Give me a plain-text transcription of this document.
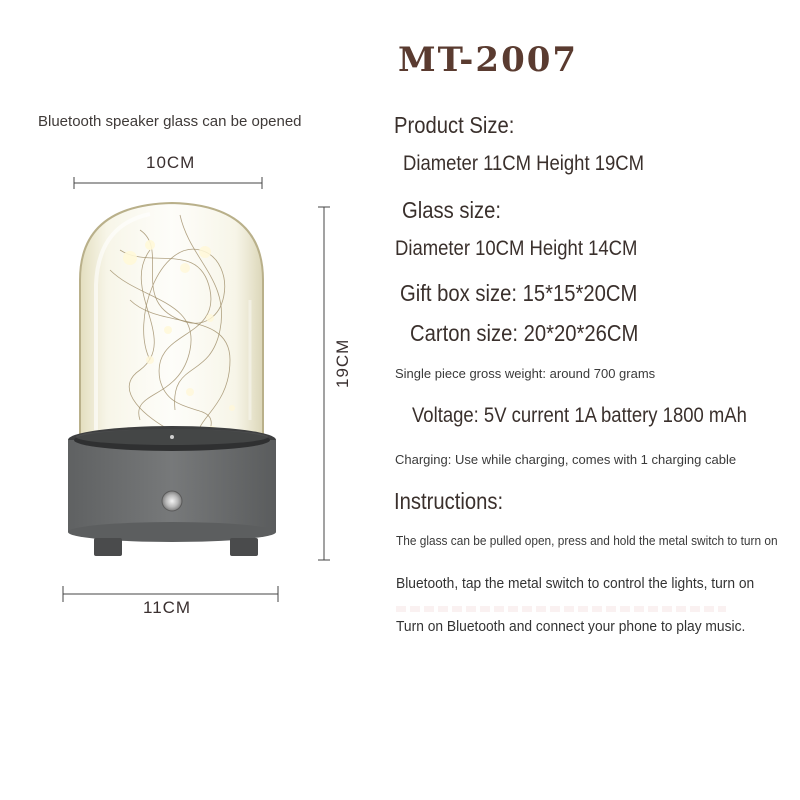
MT-2007
Bluetooth speaker glass can be opened
10CM
19CM
11CM
Product Size:
Diameter 11CM Height 19CM
Glass size:
Diameter 10CM Height 14CM
Gift box size: 15*15*20CM
Carton size: 20*20*26CM
Single piece gross weight: around 700 grams
Voltage: 5V current 1A battery 1800 mAh
Charging: Use while charging, comes with 1 charging cable
Instructions:
The glass can be pulled open, press and hold the metal switch to turn on
Bluetooth, tap the metal switch to control the lights, turn on
Turn on Bluetooth and connect your phone to play music.
